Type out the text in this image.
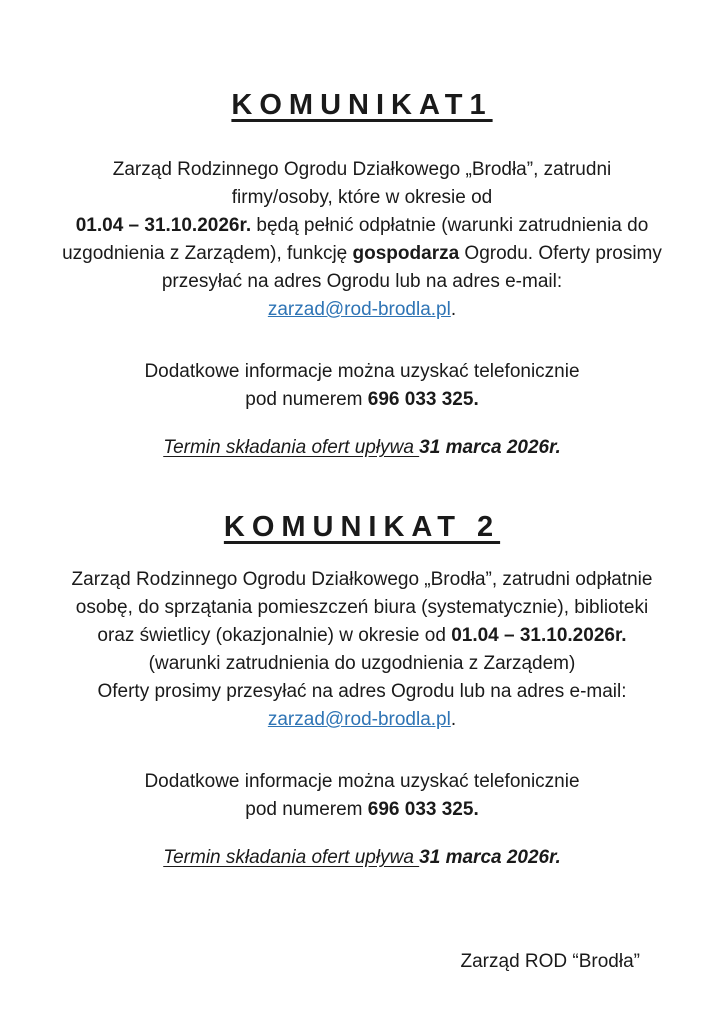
KOMUNIKAT1
Zarząd Rodzinnego Ogrodu Działkowego „Brodła”, zatrudni
firmy/osoby, które w okresie od
01.04 – 31.10.2026r. będą pełnić odpłatnie (warunki zatrudnienia do
uzgodnienia z Zarządem), funkcję gospodarza Ogrodu. Oferty prosimy
przesyłać na adres Ogrodu lub na adres e-mail:
zarzad@rod-brodla.pl.
Dodatkowe informacje można uzyskać telefonicznie
pod numerem 696 033 325.
Termin składania ofert upływa 31 marca 2026r.
KOMUNIKAT 2
Zarząd Rodzinnego Ogrodu Działkowego „Brodła”, zatrudni odpłatnie
osobę, do sprzątania pomieszczeń biura (systematycznie), biblioteki
oraz świetlicy (okazjonalnie) w okresie od 01.04 – 31.10.2026r.
(warunki zatrudnienia do uzgodnienia z Zarządem)
Oferty prosimy przesyłać na adres Ogrodu lub na adres e-mail:
zarzad@rod-brodla.pl.
Dodatkowe informacje można uzyskać telefonicznie
pod numerem 696 033 325.
Termin składania ofert upływa 31 marca 2026r.
Zarząd ROD “Brodła”
